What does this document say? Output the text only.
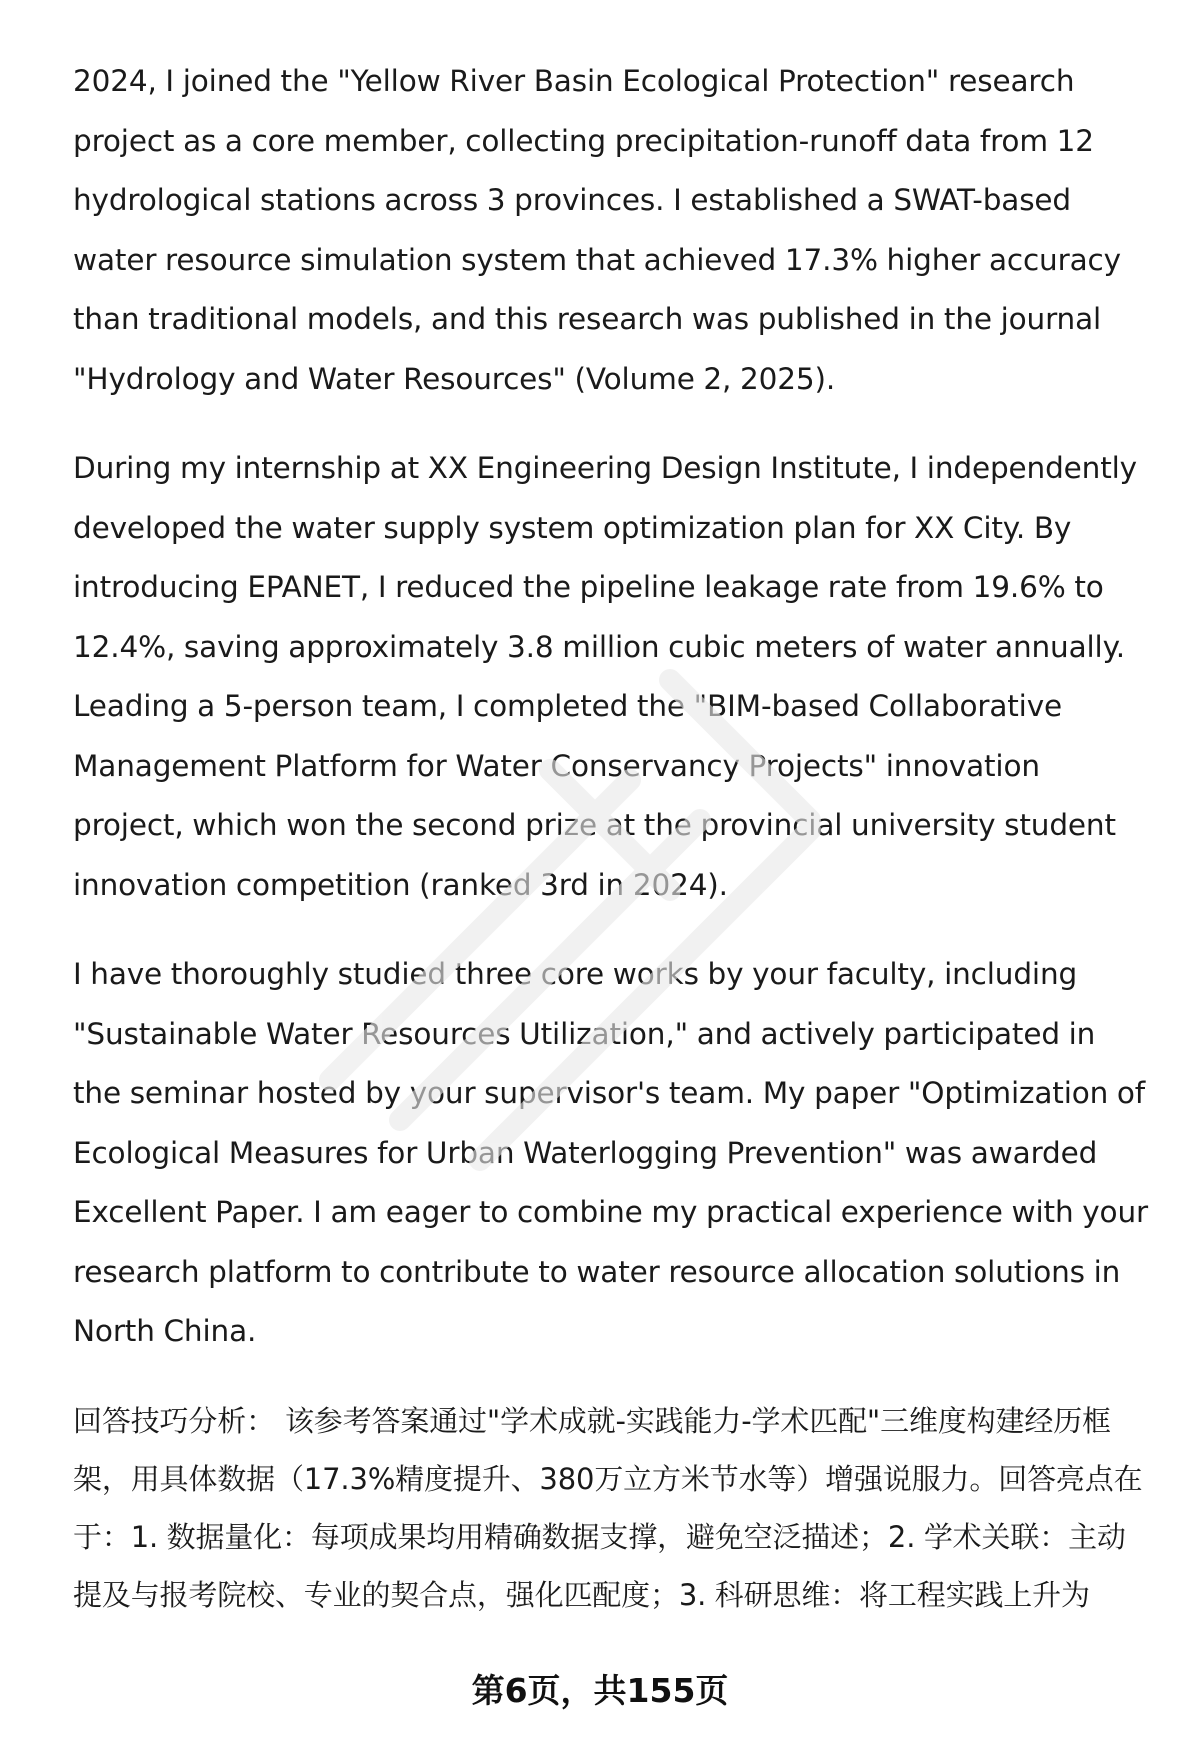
2024, I joined the "Yellow River Basin Ecological Protection" research project as a core member, collecting precipitation-runoff data from 12 hydrological stations across 3 provinces. I established a SWAT-based water resource simulation system that achieved 17.3% higher accuracy than traditional models, and this research was published in the journal "Hydrology and Water Resources" (Volume 2, 2025).

During my internship at XX Engineering Design Institute, I independently developed the water supply system optimization plan for XX City. By introducing EPANET, I reduced the pipeline leakage rate from 19.6% to 12.4%, saving approximately 3.8 million cubic meters of water annually. Leading a 5-person team, I completed the "BIM-based Collaborative Management Platform for Water Conservancy Projects" innovation project, which won the second prize at the provincial university student innovation competition (ranked 3rd in 2024).

I have thoroughly studied three core works by your faculty, including "Sustainable Water Resources Utilization," and actively participated in the seminar hosted by your supervisor's team. My paper "Optimization of Ecological Measures for Urban Waterlogging Prevention" was awarded Excellent Paper. I am eager to combine my practical experience with your research platform to contribute to water resource allocation solutions in North China.

回答技巧分析： 该参考答案通过"学术成就-实践能力-学术匹配"三维度构建经历框架，用具体数据（17.3%精度提升、380万立方米节水等）增强说服力。回答亮点在于：1. 数据量化：每项成果均用精确数据支撑，避免空泛描述；2. 学术关联：主动提及与报考院校、专业的契合点，强化匹配度；3. 科研思维：将工程实践上升为

第6页，共155页
